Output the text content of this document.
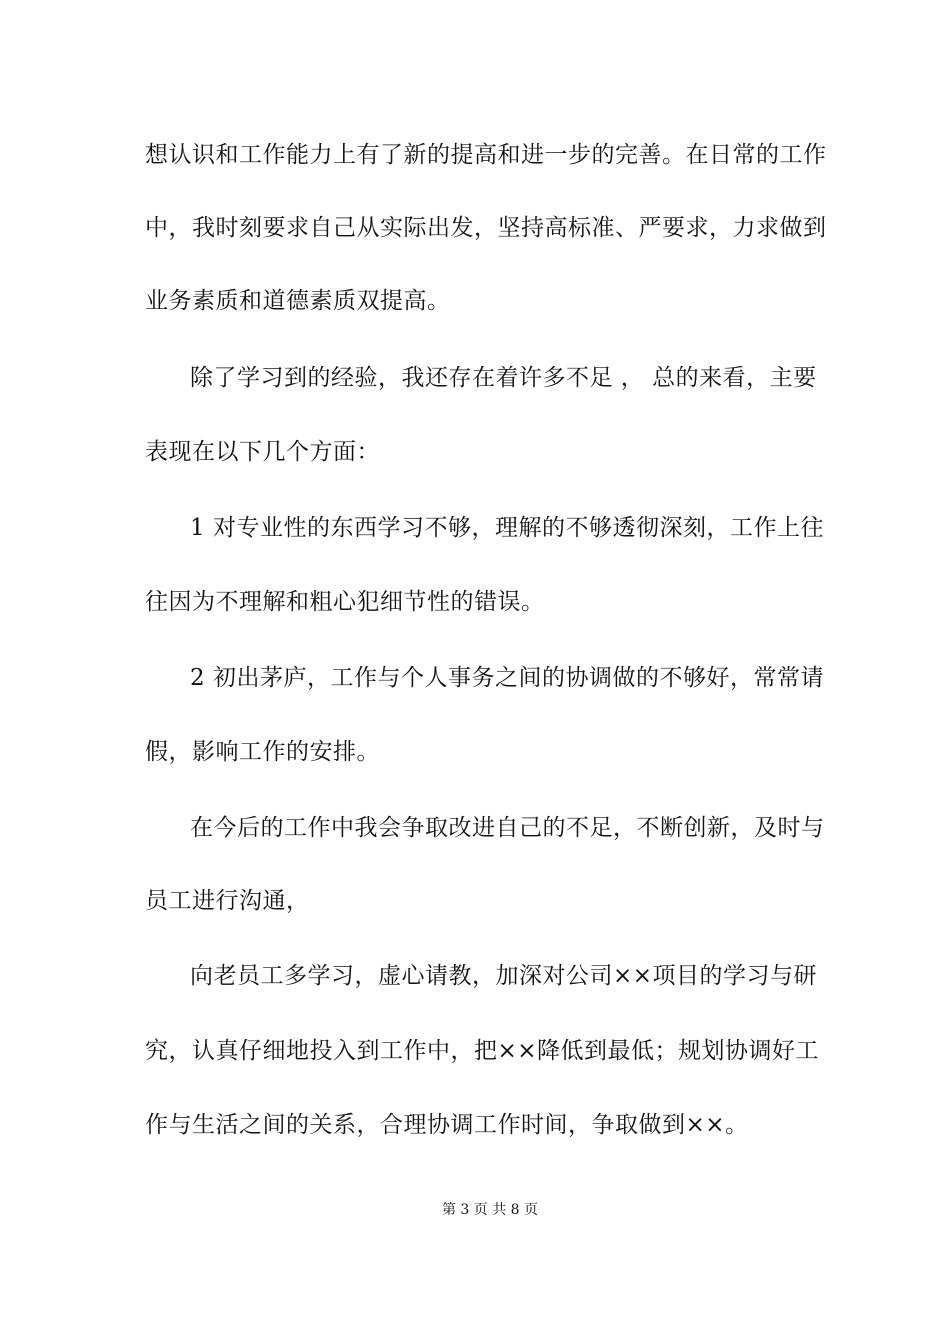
想认识和工作能力上有了新的提高和进一步的完善。在日常的工作
中，我时刻要求自己从实际出发，坚持高标准、严要求，力求做到
业务素质和道德素质双提高。
除了学习到的经验，我还存在着许多不足 ， 总的来看，主要
表现在以下几个方面：
1 对专业性的东西学习不够，理解的不够透彻深刻，工作上往
往因为不理解和粗心犯细节性的错误。
2 初出茅庐，工作与个人事务之间的协调做的不够好，常常请
假，影响工作的安排。
在今后的工作中我会争取改进自己的不足，不断创新，及时与
员工进行沟通，
向老员工多学习，虚心请教，加深对公司××项目的学习与研
究，认真仔细地投入到工作中，把××降低到最低；规划协调好工
作与生活之间的关系，合理协调工作时间，争取做到××。
第 3 页 共 8 页
